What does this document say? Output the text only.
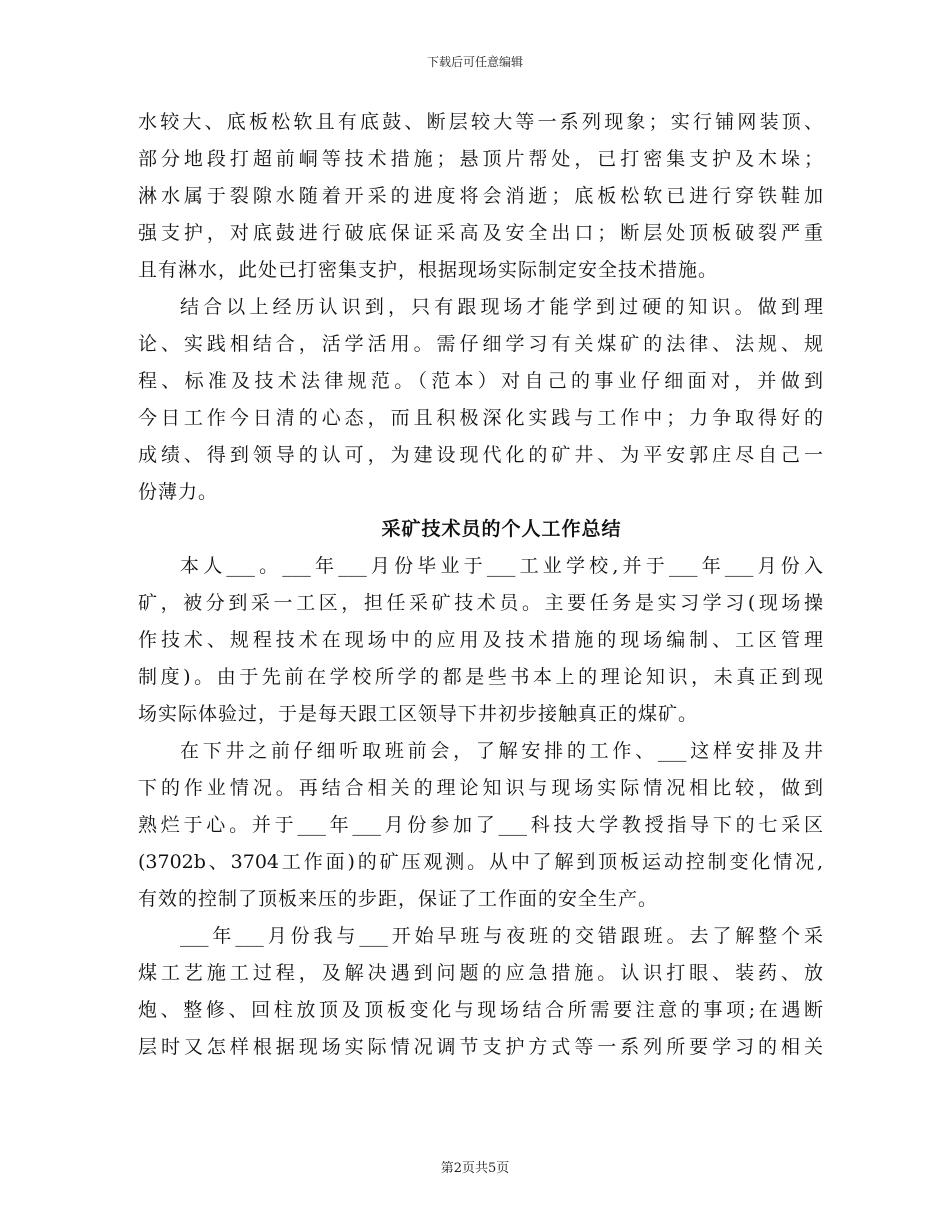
下载后可任意编辑
水较大、底板松软且有底鼓、断层较大等一系列现象；实行铺网装顶、
部分地段打超前峒等技术措施；悬顶片帮处，已打密集支护及木垛；
淋水属于裂隙水随着开采的进度将会消逝；底板松软已进行穿铁鞋加
强支护，对底鼓进行破底保证采高及安全出口；断层处顶板破裂严重
且有淋水，此处已打密集支护，根据现场实际制定安全技术措施。
结合以上经历认识到，只有跟现场才能学到过硬的知识。做到理
论、实践相结合，活学活用。需仔细学习有关煤矿的法律、法规、规
程、标准及技术法律规范。（范本）对自己的事业仔细面对，并做到
今日工作今日清的心态，而且积极深化实践与工作中；力争取得好的
成绩、得到领导的认可，为建设现代化的矿井、为平安郭庄尽自己一
份薄力。
采矿技术员的个人工作总结
本人___。___年___月份毕业于___工业学校,并于___年___月份入
矿，被分到采一工区，担任采矿技术员。主要任务是实习学习(现场操
作技术、规程技术在现场中的应用及技术措施的现场编制、工区管理
制度)。由于先前在学校所学的都是些书本上的理论知识，未真正到现
场实际体验过，于是每天跟工区领导下井初步接触真正的煤矿。
在下井之前仔细听取班前会，了解安排的工作、___这样安排及井
下的作业情况。再结合相关的理论知识与现场实际情况相比较，做到
熟烂于心。并于___年___月份参加了___科技大学教授指导下的七采区
(3702b、3704工作面)的矿压观测。从中了解到顶板运动控制变化情况,
有效的控制了顶板来压的步距，保证了工作面的安全生产。
___年___月份我与___开始早班与夜班的交错跟班。去了解整个采
煤工艺施工过程，及解决遇到问题的应急措施。认识打眼、装药、放
炮、整修、回柱放顶及顶板变化与现场结合所需要注意的事项;在遇断
层时又怎样根据现场实际情况调节支护方式等一系列所要学习的相关
第2页共5页
